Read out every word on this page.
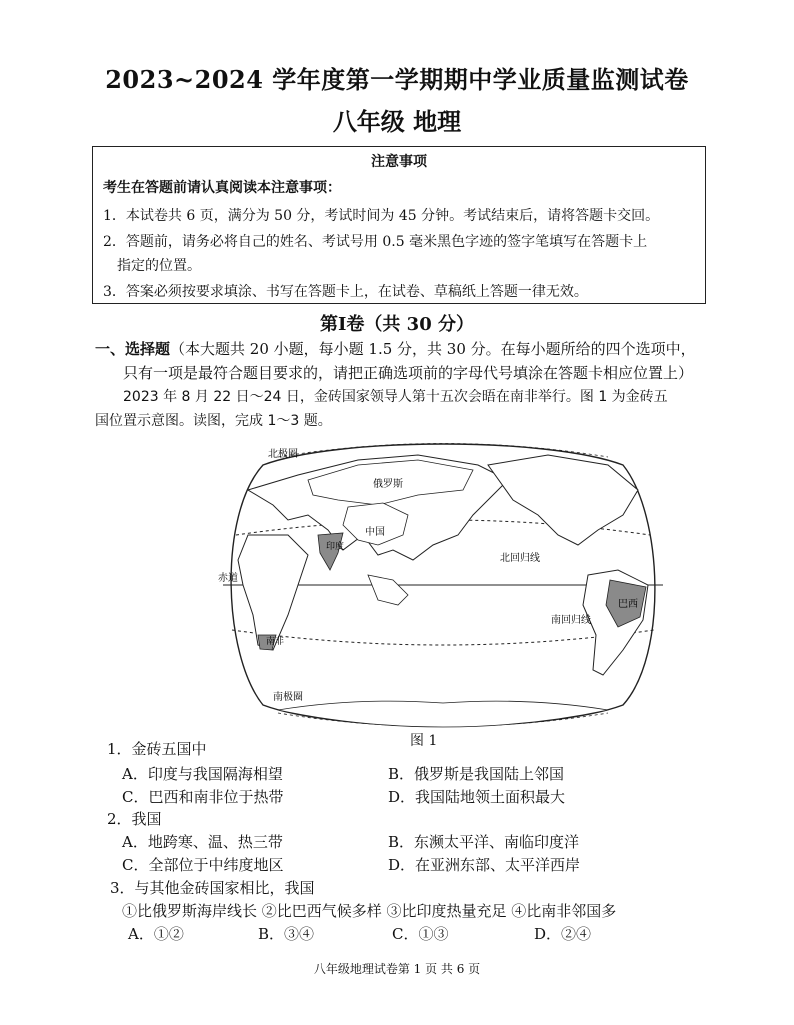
2023~2024 学年度第一学期期中学业质量监测试卷
八年级 地理
注意事项
考生在答题前请认真阅读本注意事项：
1．本试卷共 6 页，满分为 50 分，考试时间为 45 分钟。考试结束后，请将答题卡交回。
2．答题前，请务必将自己的姓名、考试号用 0.5 毫米黑色字迹的签字笔填写在答题卡上
指定的位置。
3．答案必须按要求填涂、书写在答题卡上，在试卷、草稿纸上答题一律无效。
第Ⅰ卷（共 30 分）
一、选择题（本大题共 20 小题，每小题 1.5 分，共 30 分。在每小题所给的四个选项中，
只有一项是最符合题目要求的，请把正确选项前的字母代号填涂在答题卡相应位置上）
2023 年 8 月 22 日～24 日，金砖国家领导人第十五次会晤在南非举行。图 1 为金砖五
国位置示意图。读图，完成 1～3 题。
北极圈
俄罗斯
中国
印度
北回归线
赤道
南回归线
巴西
南非
南极圈
图 1
1．金砖五国中
A．印度与我国隔海相望	B．俄罗斯是我国陆上邻国
C．巴西和南非位于热带	D．我国陆地领土面积最大
2．我国
A．地跨寒、温、热三带	B．东濒太平洋、南临印度洋
C．全部位于中纬度地区	D．在亚洲东部、太平洋西岸
3．与其他金砖国家相比，我国
①比俄罗斯海岸线长 ②比巴西气候多样 ③比印度热量充足 ④比南非邻国多
A．①②	B．③④	C．①③	D．②④
八年级地理试卷第 1 页 共 6 页
